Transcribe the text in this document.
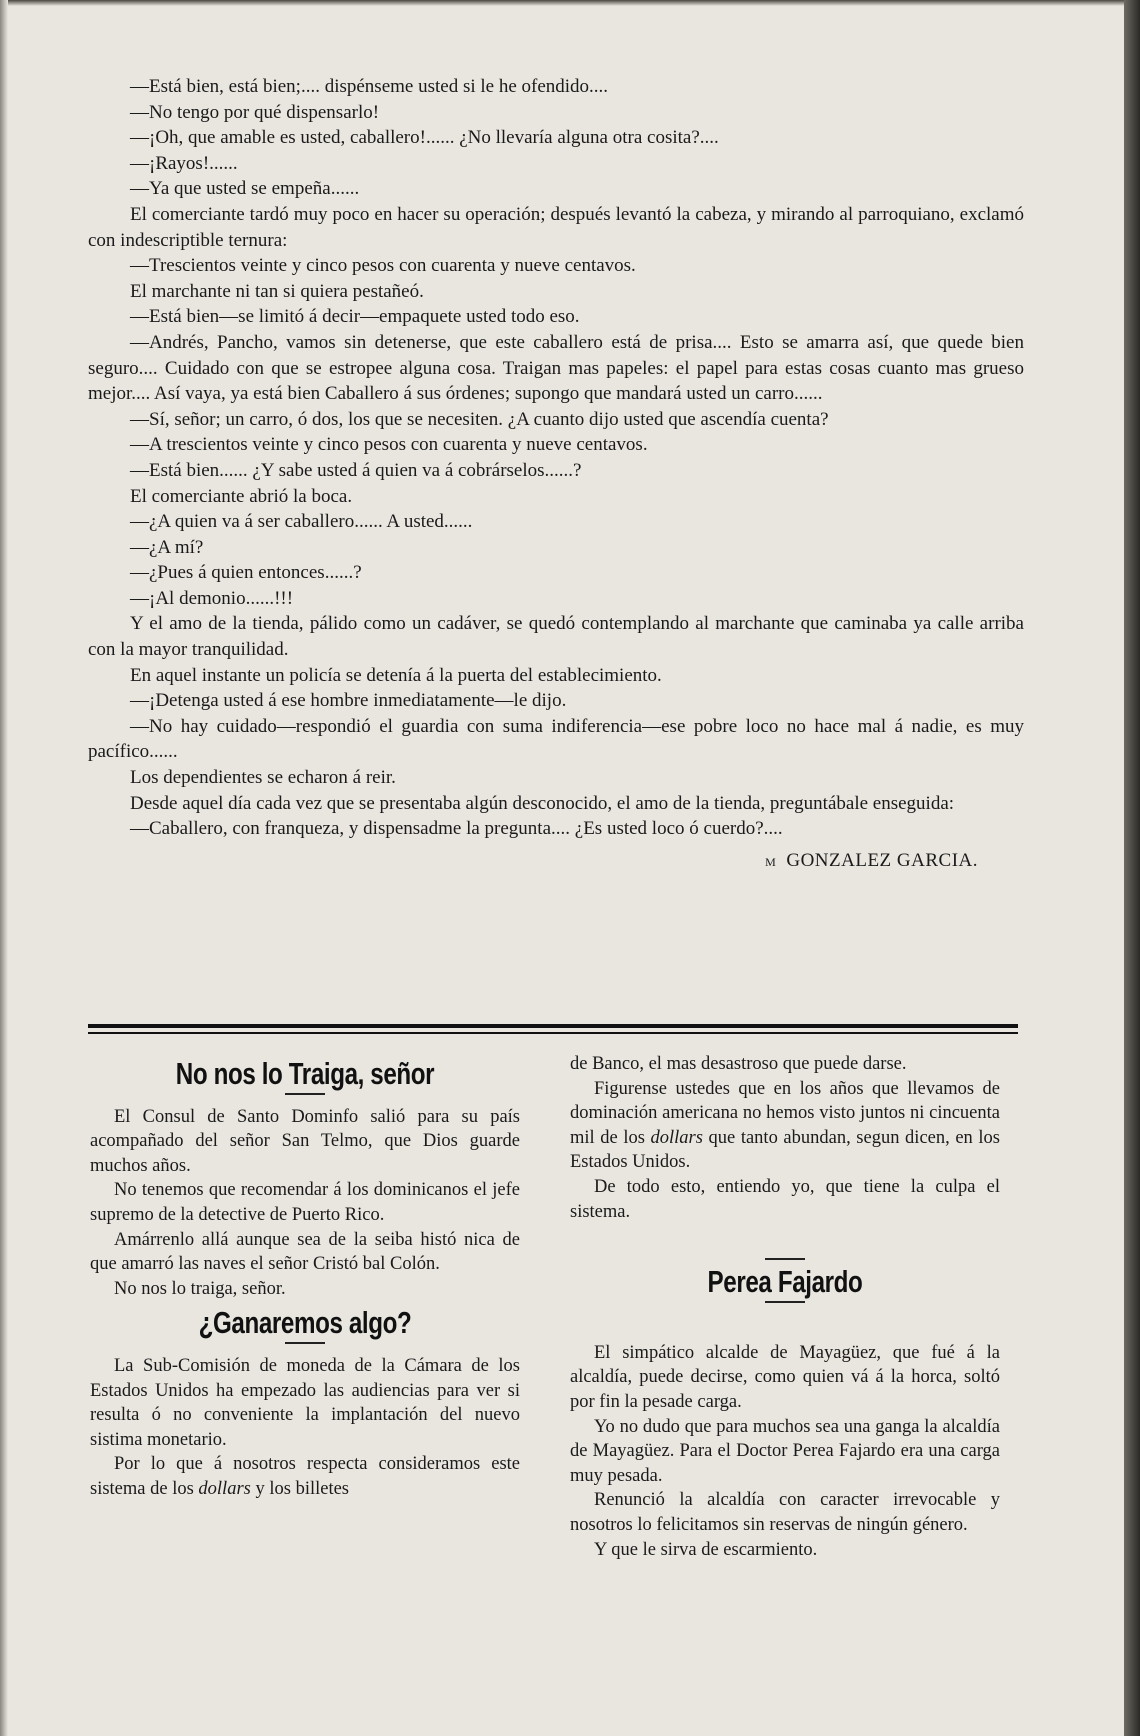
—Está bien, está bien;.... dispénseme usted si le he ofendido....

—No tengo por qué dispensarlo!

—¡Oh, que amable es usted, caballero!...... ¿No llevaría alguna otra cosita?....

—¡Rayos!......

—Ya que usted se empeña......

El comerciante tardó muy poco en hacer su operación; después levantó la cabeza, y mirando al parroquiano, exclamó con indescriptible ternura:

—Trescientos veinte y cinco pesos con cuarenta y nueve centavos.

El marchante ni tan si quiera pestañeó.

—Está bien—se limitó á decir—empaquete usted todo eso.

—Andrés, Pancho, vamos sin detenerse, que este caballero está de prisa.... Esto se amarra así, que quede bien seguro.... Cuidado con que se estropee alguna cosa. Traigan mas papeles: el papel para estas cosas cuanto mas grueso mejor.... Así vaya, ya está bien Caballero á sus órdenes; supongo que mandará usted un carro......

—Sí, señor; un carro, ó dos, los que se necesiten. ¿A cuanto dijo usted que ascendía cuenta?

—A trescientos veinte y cinco pesos con cuarenta y nueve centavos.

—Está bien...... ¿Y sabe usted á quien va á cobrárselos......?

El comerciante abrió la boca.

—¿A quien va á ser caballero...... A usted......

—¿A mí?

—¿Pues á quien entonces......?

—¡Al demonio......!!!

Y el amo de la tienda, pálido como un cadáver, se quedó contemplando al marchante que caminaba ya calle arriba con la mayor tranquilidad.

En aquel instante un policía se detenía á la puerta del establecimiento.

—¡Detenga usted á ese hombre inmediatamente—le dijo.

—No hay cuidado—respondió el guardia con suma indiferencia—ese pobre loco no hace mal á nadie, es muy pacífico......

Los dependientes se echaron á reir.

Desde aquel día cada vez que se presentaba algún desconocido, el amo de la tienda, preguntábale enseguida:

—Caballero, con franqueza, y dispensadme la pregunta.... ¿Es usted loco ó cuerdo?....

M GONZALEZ GARCIA.
No nos lo Traiga, señor

El Consul de Santo Dominfo salió para su país acompañado del señor San Telmo, que Dios guarde muchos años.

No tenemos que recomendar á los dominicanos el jefe supremo de la detective de Puerto Rico.

Amárrenlo allá aunque sea de la seiba histó nica de que amarró las naves el señor Cristó bal Colón.

No nos lo traiga, señor.

¿Ganaremos algo?

La Sub-Comisión de moneda de la Cámara de los Estados Unidos ha empezado las audiencias para ver si resulta ó no conveniente la implantación del nuevo sistima monetario.

Por lo que á nosotros respecta consideramos este sistema de los dollars y los billetes

de Banco, el mas desastroso que puede darse.

Figurense ustedes que en los años que llevamos de dominación americana no hemos visto juntos ni cincuenta mil de los dollars que tanto abundan, segun dicen, en los Estados Unidos.

De todo esto, entiendo yo, que tiene la culpa el sistema.

Perea Fajardo

El simpático alcalde de Mayagüez, que fué á la alcaldía, puede decirse, como quien vá á la horca, soltó por fin la pesade carga.

Yo no dudo que para muchos sea una ganga la alcaldía de Mayagüez. Para el Doctor Perea Fajardo era una carga muy pesada.

Renunció la alcaldía con caracter irrevocable y nosotros lo felicitamos sin reservas de ningún género.

Y que le sirva de escarmiento.
